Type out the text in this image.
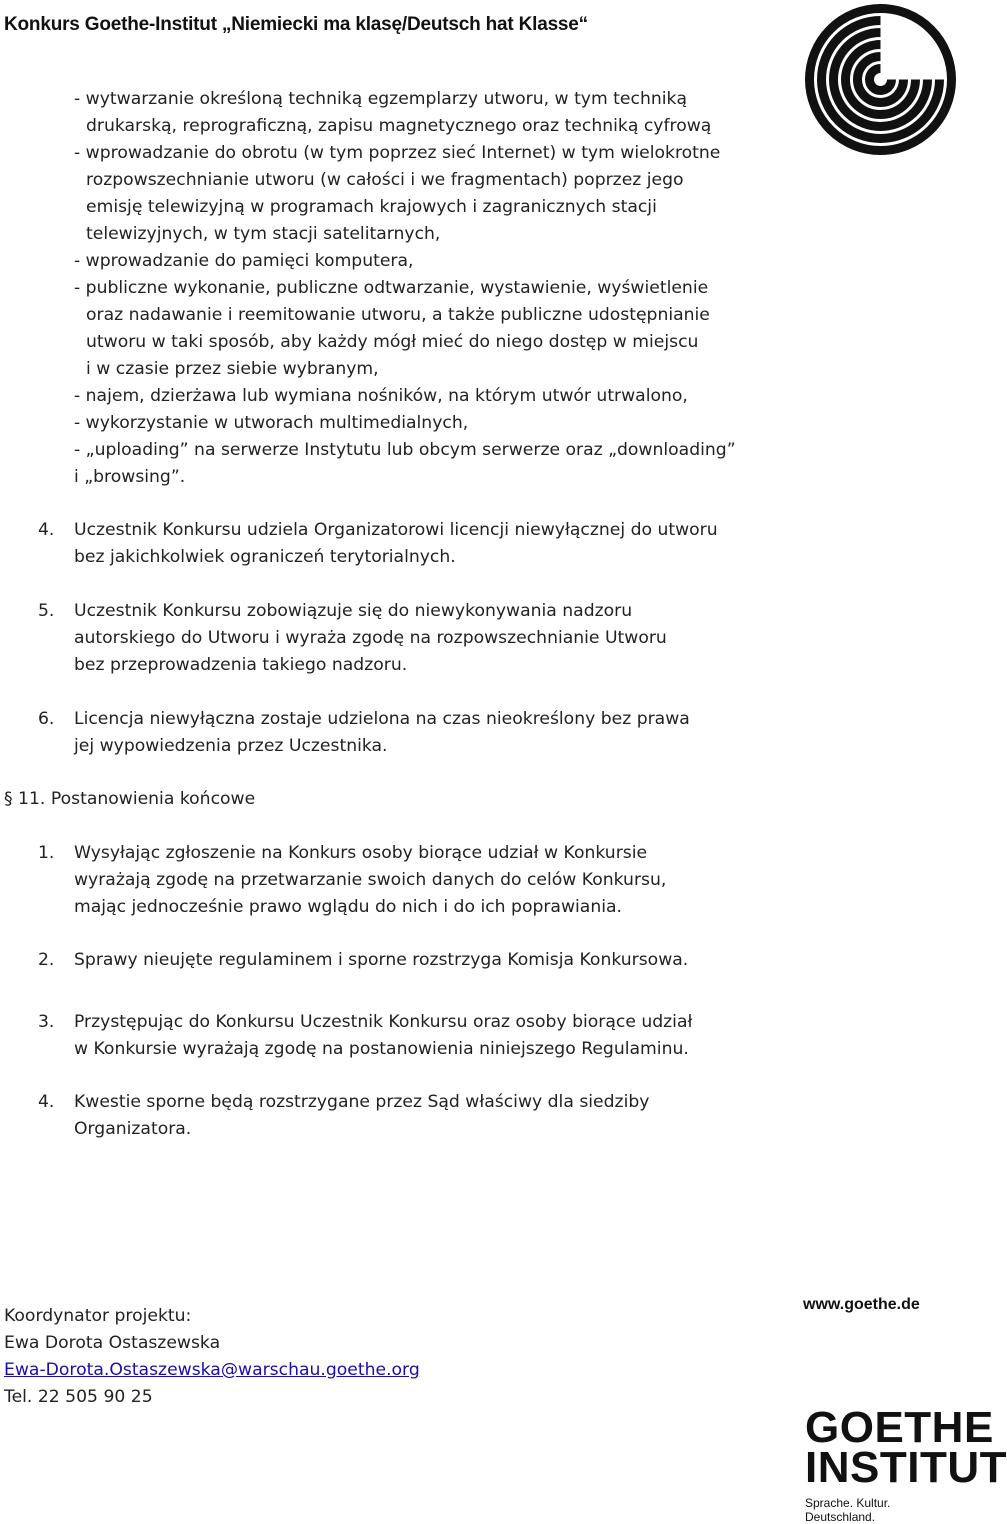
Konkurs Goethe-Institut „Niemiecki ma klasę/Deutsch hat Klasse“
- wytwarzanie określoną techniką egzemplarzy utworu, w tym techniką
drukarską, reprograficzną, zapisu magnetycznego oraz techniką cyfrową
- wprowadzanie do obrotu (w tym poprzez sieć Internet) w tym wielokrotne
rozpowszechnianie utworu (w całości i we fragmentach) poprzez jego
emisję telewizyjną w programach krajowych i zagranicznych stacji
telewizyjnych, w tym stacji satelitarnych,
- wprowadzanie do pamięci komputera,
- publiczne wykonanie, publiczne odtwarzanie, wystawienie, wyświetlenie
oraz nadawanie i reemitowanie utworu, a także publiczne udostępnianie
utworu w taki sposób, aby każdy mógł mieć do niego dostęp w miejscu
i w czasie przez siebie wybranym,
- najem, dzierżawa lub wymiana nośników, na którym utwór utrwalono,
- wykorzystanie w utworach multimedialnych,
- „uploading” na serwerze Instytutu lub obcym serwerze oraz „downloading”
i „browsing”.
4. Uczestnik Konkursu udziela Organizatorowi licencji niewyłącznej do utworu
bez jakichkolwiek ograniczeń terytorialnych.
5. Uczestnik Konkursu zobowiązuje się do niewykonywania nadzoru
autorskiego do Utworu i wyraża zgodę na rozpowszechnianie Utworu
bez przeprowadzenia takiego nadzoru.
6. Licencja niewyłączna zostaje udzielona na czas nieokreślony bez prawa
jej wypowiedzenia przez Uczestnika.
§ 11. Postanowienia końcowe
1. Wysyłając zgłoszenie na Konkurs osoby biorące udział w Konkursie
wyrażają zgodę na przetwarzanie swoich danych do celów Konkursu,
mając jednocześnie prawo wglądu do nich i do ich poprawiania.
2. Sprawy nieujęte regulaminem i sporne rozstrzyga Komisja Konkursowa.
3. Przystępując do Konkursu Uczestnik Konkursu oraz osoby biorące udział
w Konkursie wyrażają zgodę na postanowienia niniejszego Regulaminu.
4. Kwestie sporne będą rozstrzygane przez Sąd właściwy dla siedziby
Organizatora.
Koordynator projektu:
Ewa Dorota Ostaszewska
Ewa-Dorota.Ostaszewska@warschau.goethe.org
Tel. 22 505 90 25
www.goethe.de
GOETHE
INSTITUT
Sprache. Kultur. Deutschland.
